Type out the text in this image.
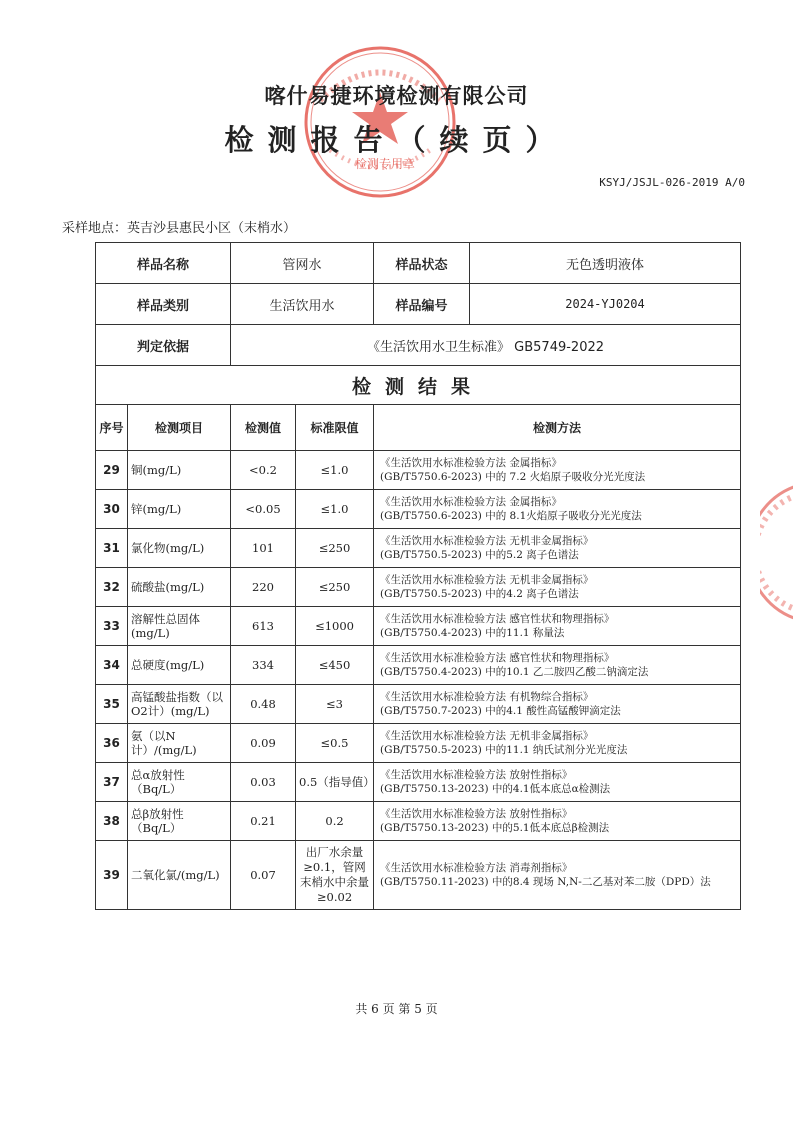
检测专用章
喀什易捷环境检测有限公司
检测报告（续页）
KSYJ/JSJL-026-2019 A/0
采样地点：英吉沙县惠民小区（末梢水）
样品名称		管网水		样品状态 无色透明液体

样品类别		生活饮用水		样品编号 2024-YJ0204

判定依据		《生活饮用水卫生标准》 GB5749-2022		
检测结果				
序号	检测项目	检测值	标准限值	检测方法
29	铜(mg/L)	<0.2	≤1.0	《生活饮用水标准检验方法 金属指标》
(GB/T5750.6-2023) 中的 7.2 火焰原子吸收分光光度法

30	锌(mg/L)	<0.05	≤1.0	《生活饮用水标准检验方法 金属指标》
(GB/T5750.6-2023) 中的 8.1火焰原子吸收分光光度法

31	氯化物(mg/L)	101	≤250	《生活饮用水标准检验方法 无机非金属指标》
(GB/T5750.5-2023) 中的5.2 离子色谱法

32	硫酸盐(mg/L)	220	≤250	《生活饮用水标准检验方法 无机非金属指标》
(GB/T5750.5-2023) 中的4.2 离子色谱法

33	溶解性总固体(mg/L)	613	≤1000	《生活饮用水标准检验方法 感官性状和物理指标》
(GB/T5750.4-2023) 中的11.1 称量法

34	总硬度(mg/L)	334	≤450	《生活饮用水标准检验方法 感官性状和物理指标》
(GB/T5750.4-2023) 中的10.1 乙二胺四乙酸二钠滴定法

35	高锰酸盐指数（以O2计）(mg/L)	0.48	≤3	《生活饮用水标准检验方法 有机物综合指标》
(GB/T5750.7-2023) 中的4.1 酸性高锰酸钾滴定法

36	氨（以N计）/(mg/L)	0.09	≤0.5	《生活饮用水标准检验方法 无机非金属指标》
(GB/T5750.5-2023) 中的11.1 纳氏试剂分光光度法

37	总α放射性（Bq/L）	0.03	0.5（指导值）	《生活饮用水标准检验方法 放射性指标》
(GB/T5750.13-2023) 中的4.1低本底总α检测法

38	总β放射性（Bq/L）	0.21	0.2	《生活饮用水标准检验方法 放射性指标》
(GB/T5750.13-2023) 中的5.1低本底总β检测法

39	二氧化氯/(mg/L)	0.07	出厂水余量≥0.1，管网末梢水中余量≥0.02	《生活饮用水标准检验方法 消毒剂指标》
(GB/T5750.11-2023) 中的8.4 现场 N,N-二乙基对苯二胺（DPD）法
共 6 页 第 5 页
